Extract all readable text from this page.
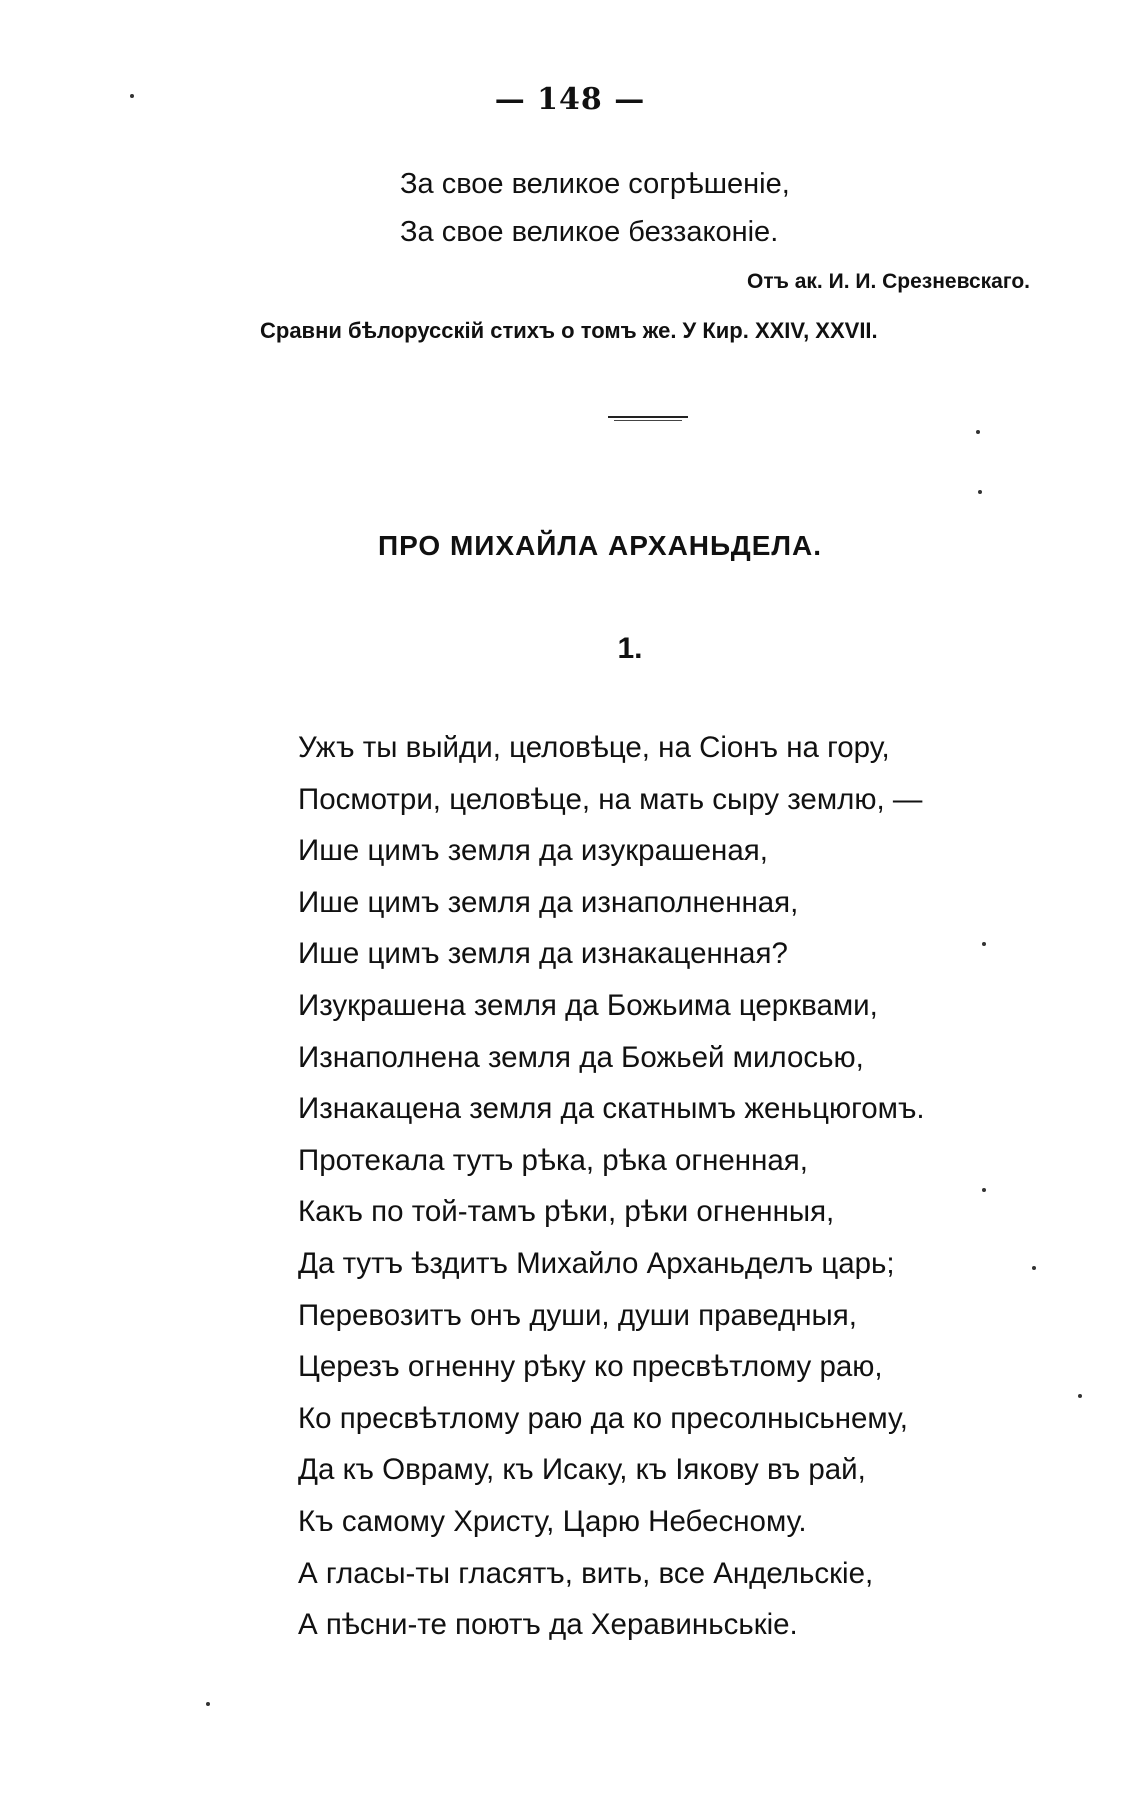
— 148 —
За свое великое согрѣшеніе,
За свое великое беззаконіе.
Отъ ак. И. И. Срезневскаго.
Сравни бѣлорусскій стихъ о томъ же. У Кир. XXIV, XXVII.
ПРО МИХАЙЛА АРХАНЬДЕЛА.
1.
Ужъ ты выйди, целовѣце, на Сіонъ на гору,
Посмотри, целовѣце, на мать сыру землю, —
Ише цимъ земля да изукрашеная,
Ише цимъ земля да изнаполненная,
Ише цимъ земля да изнакаценная?
Изукрашена земля да Божьима церквами,
Изнаполнена земля да Божьей милосью,
Изнакацена земля да скатнымъ женьцюгомъ.
Протекала тутъ рѣка, рѣка огненная,
Какъ по той-тамъ рѣки, рѣки огненныя,
Да тутъ ѣздитъ Михайло Арханьделъ царь;
Перевозитъ онъ души, души праведныя,
Церезъ огненну рѣку ко пресвѣтлому раю,
Ко пресвѣтлому раю да ко пресолнысьнему,
Да къ Овраму, къ Исаку, къ Іякову въ рай,
Къ самому Христу, Царю Небесному.
А гласы-ты гласятъ, вить, все Андельскіе,
А пѣсни-те поютъ да Херавиньськіе.
